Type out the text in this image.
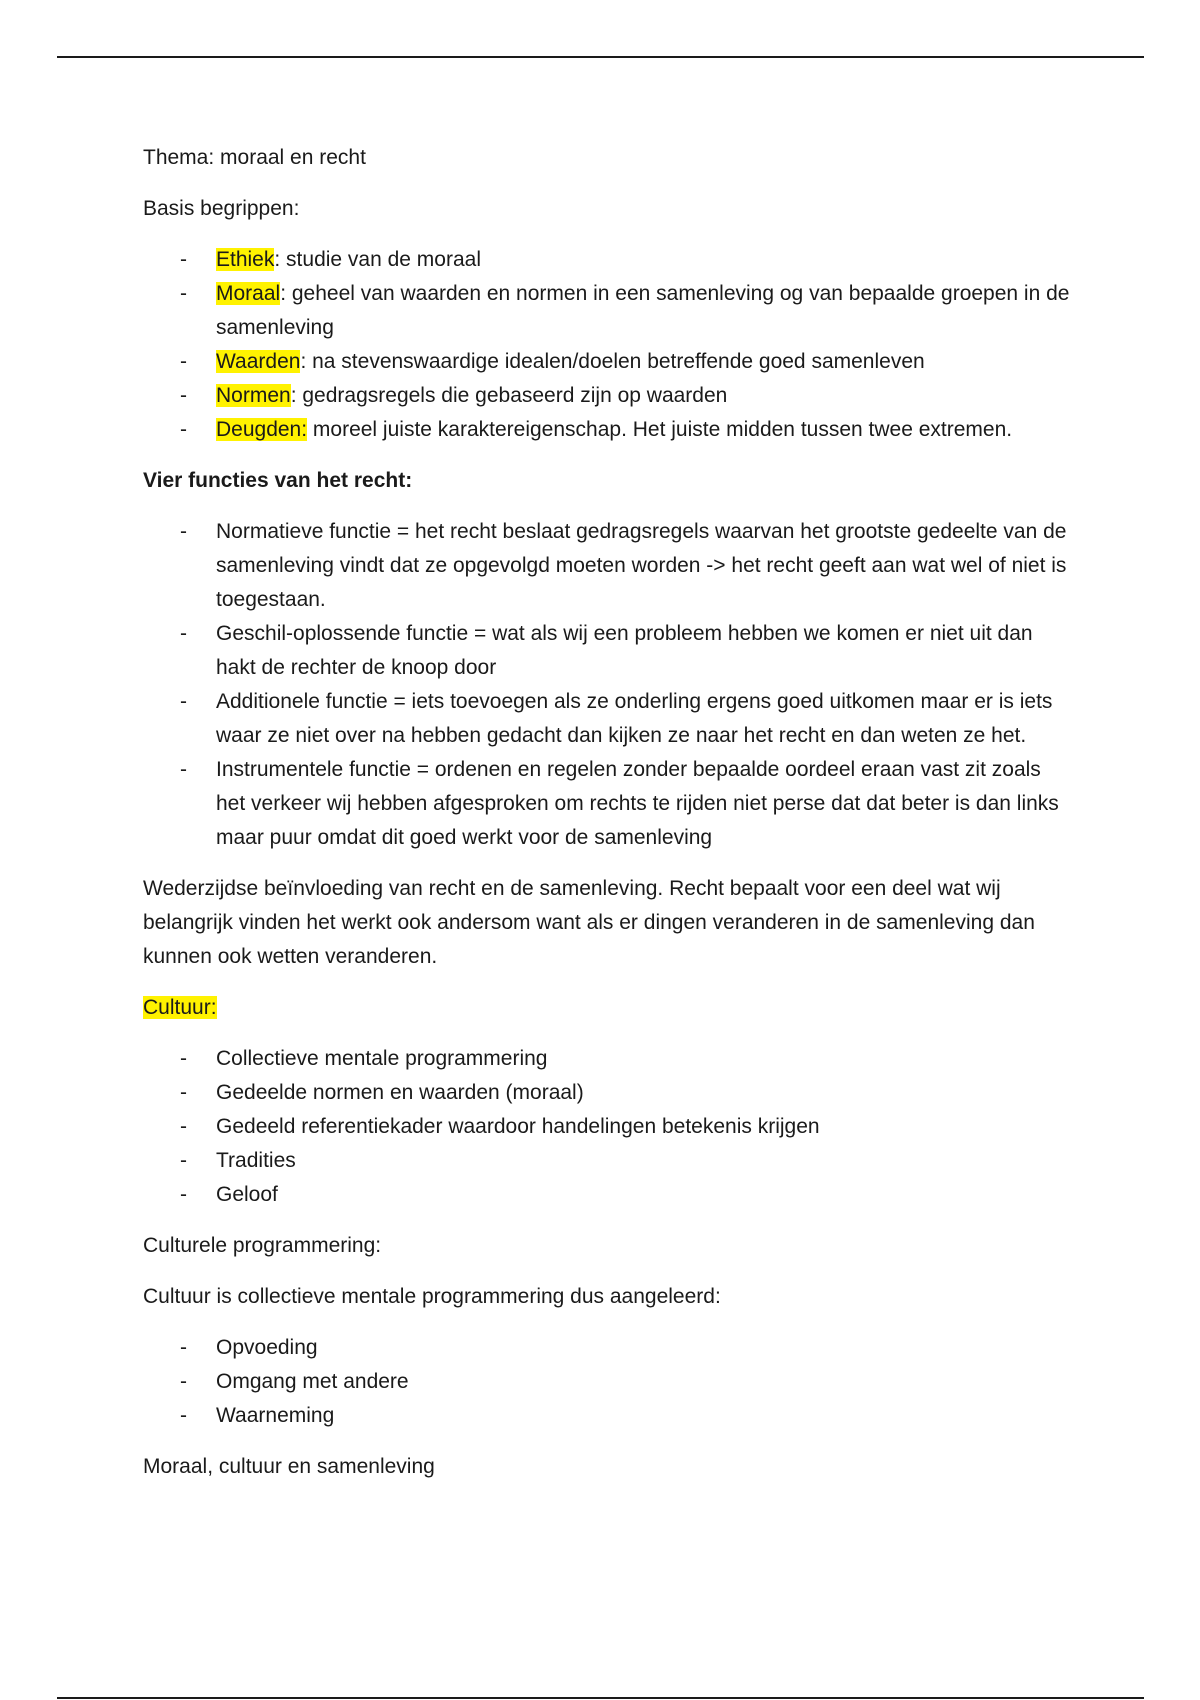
Thema: moraal en recht

Basis begrippen:

- Ethiek: studie van de moraal
- Moraal: geheel van waarden en normen in een samenleving og van bepaalde groepen in de samenleving
- Waarden: na stevenswaardige idealen/doelen betreffende goed samenleven
- Normen: gedragsregels die gebaseerd zijn op waarden
- Deugden: moreel juiste karaktereigenschap. Het juiste midden tussen twee extremen.

Vier functies van het recht:

- Normatieve functie = het recht beslaat gedragsregels waarvan het grootste gedeelte van de samenleving vindt dat ze opgevolgd moeten worden -> het recht geeft aan wat wel of niet is toegestaan.
- Geschil-oplossende functie = wat als wij een probleem hebben we komen er niet uit dan hakt de rechter de knoop door
- Additionele functie = iets toevoegen als ze onderling ergens goed uitkomen maar er is iets waar ze niet over na hebben gedacht dan kijken ze naar het recht en dan weten ze het.
- Instrumentele functie = ordenen en regelen zonder bepaalde oordeel eraan vast zit zoals het verkeer wij hebben afgesproken om rechts te rijden niet perse dat dat beter is dan links maar puur omdat dit goed werkt voor de samenleving

Wederzijdse beïnvloeding van recht en de samenleving. Recht bepaalt voor een deel wat wij belangrijk vinden het werkt ook andersom want als er dingen veranderen in de samenleving dan kunnen ook wetten veranderen.

Cultuur:

- Collectieve mentale programmering
- Gedeelde normen en waarden (moraal)
- Gedeeld referentiekader waardoor handelingen betekenis krijgen
- Tradities
- Geloof

Culturele programmering:

Cultuur is collectieve mentale programmering dus aangeleerd:

- Opvoeding
- Omgang met andere
- Waarneming

Moraal, cultuur en samenleving
